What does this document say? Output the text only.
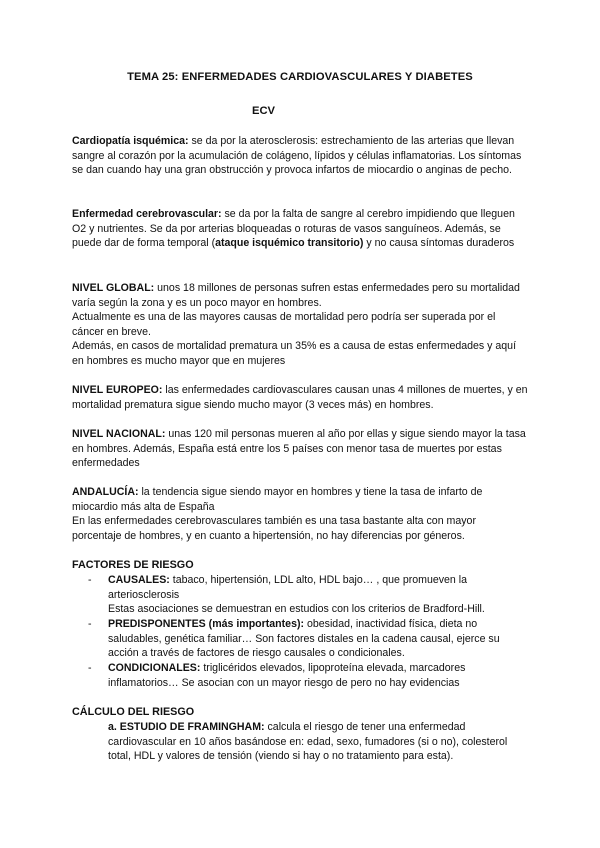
TEMA 25: ENFERMEDADES CARDIOVASCULARES Y DIABETES
ECV

Cardiopatía isquémica: se da por la aterosclerosis: estrechamiento de las arterias que llevan sangre al corazón por la acumulación de colágeno, lípidos y células inflamatorias. Los síntomas se dan cuando hay una gran obstrucción y provoca infartos de miocardio o anginas de pecho.

Enfermedad cerebrovascular: se da por la falta de sangre al cerebro impidiendo que lleguen O2 y nutrientes. Se da por arterias bloqueadas o roturas de vasos sanguíneos. Además, se puede dar de forma temporal (ataque isquémico transitorio) y no causa síntomas duraderos

NIVEL GLOBAL: unos 18 millones de personas sufren estas enfermedades pero su mortalidad varía según la zona y es un poco mayor en hombres.
Actualmente es una de las mayores causas de mortalidad pero podría ser superada por el cáncer en breve.
Además, en casos de mortalidad prematura un 35% es a causa de estas enfermedades y aquí en hombres es mucho mayor que en mujeres

NIVEL EUROPEO: las enfermedades cardiovasculares causan unas 4 millones de muertes, y en mortalidad prematura sigue siendo mucho mayor (3 veces más) en hombres.

NIVEL NACIONAL: unas 120 mil personas mueren al año por ellas y sigue siendo mayor la tasa en hombres. Además, España está entre los 5 países con menor tasa de muertes por estas enfermedades

ANDALUCÍA: la tendencia sigue siendo mayor en hombres y tiene la tasa de infarto de miocardio más alta de España
En las enfermedades cerebrovasculares también es una tasa bastante alta con mayor porcentaje de hombres, y en cuanto a hipertensión, no hay diferencias por géneros.

FACTORES DE RIESGO
- CAUSALES: tabaco, hipertensión, LDL alto, HDL bajo… , que promueven la arteriosclerosis
Estas asociaciones se demuestran en estudios con los criterios de Bradford-Hill.
- PREDISPONENTES (más importantes): obesidad, inactividad física, dieta no saludables, genética familiar… Son factores distales en la cadena causal, ejerce su acción a través de factores de riesgo causales o condicionales.
- CONDICIONALES: triglicéridos elevados, lipoproteína elevada, marcadores inflamatorios… Se asocian con un mayor riesgo de pero no hay evidencias
CÁLCULO DEL RIESGO

a. ESTUDIO DE FRAMINGHAM: calcula el riesgo de tener una enfermedad cardiovascular en 10 años basándose en: edad, sexo, fumadores (si o no), colesterol total, HDL y valores de tensión (viendo si hay o no tratamiento para esta).
